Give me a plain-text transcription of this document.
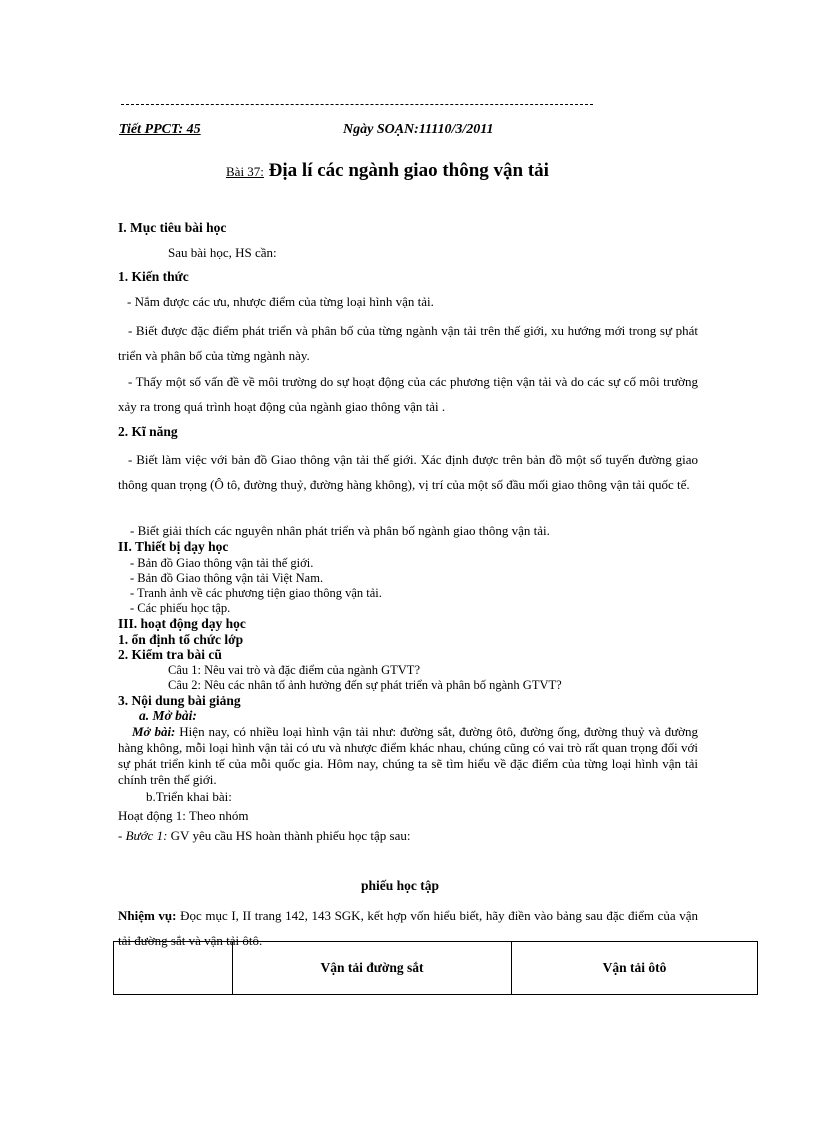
Tiết PPCT: 45	Ngày SOẠN:11110/3/2011
Bài 37: Địa lí các ngành giao thông vận tải
I. Mục tiêu bài học
Sau bài học, HS cần:
1. Kiến thức
- Nắm được các ưu, nhược điểm của từng loại hình vận tải.
- Biết được đặc điểm phát triển và phân bố của từng ngành vận tải trên thế giới, xu hướng mới trong sự phát triển và phân bố của từng ngành này.
- Thấy một số vấn đề về môi trường do sự hoạt động của các phương tiện vận tải và do các sự cố môi trường xảy ra trong quá trình hoạt động của ngành giao thông vận tải .
2. Kĩ năng
- Biết làm việc với bản đồ Giao thông vận tải thế giới. Xác định được trên bản đồ một số tuyến đường giao thông quan trọng (Ô tô, đường thuỷ, đường hàng không), vị trí của một số đầu mối giao thông vận tải quốc tế.
- Biết giải thích các nguyên nhân phát triển và phân bố ngành giao thông vận tải.
II. Thiết bị dạy học
- Bản đồ Giao thông vận tải thế giới.
- Bản đồ Giao thông vận tải Việt Nam.
- Tranh ảnh về các phương tiện giao thông vận tải.
- Các phiếu học tập.
III. hoạt động dạy học
1. ổn định tổ chức lớp
2. Kiểm tra bài cũ
Câu 1: Nêu vai trò và đặc điểm của ngành GTVT?
Câu 2: Nêu các nhân tố ảnh hưởng đến sự phát triển và phân bố ngành GTVT?
3. Nội dung bài giảng
a. Mở bài:
Mở bài: Hiện nay, có nhiều loại hình vận tải như: đường sắt, đường ôtô, đường ống, đường thuỷ và đường hàng không, mỗi loại hình vận tải có ưu và nhược điểm khác nhau, chúng cũng có vai trò rất quan trọng đối với sự phát triển kinh tế của mỗi quốc gia. Hôm nay, chúng ta sẽ tìm hiểu về đặc điểm của từng loại hình vận tải chính trên thế giới.
b.Triển khai bài:
Hoạt động 1: Theo nhóm
- Bước 1: GV yêu cầu HS hoàn thành phiếu học tập sau:
phiếu học tập
Nhiệm vụ: Đọc mục I, II trang 142, 143 SGK, kết hợp vốn hiểu biết, hãy điền vào bảng sau đặc điểm của vận tải đường sắt và vận tải ôtô.
	Vận tải đường sắt	Vận tải ôtô
